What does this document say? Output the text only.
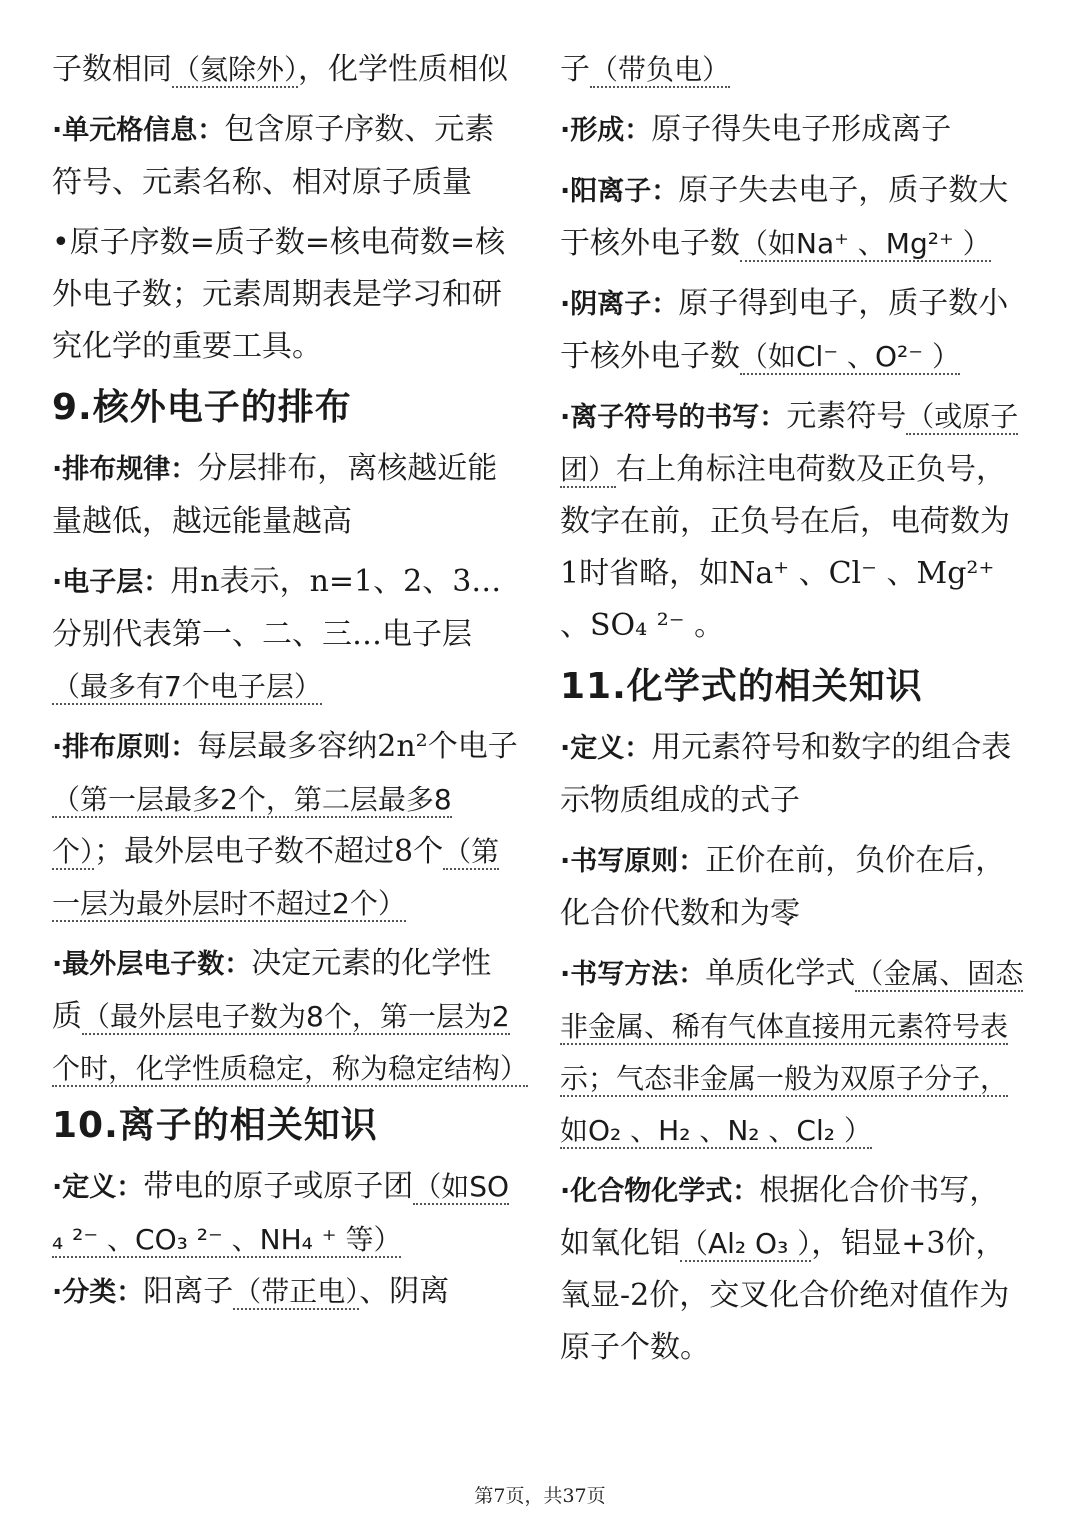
子数相同（氦除外），化学性质相似

·单元格信息：包含原子序数、元素符号、元素名称、相对原子质量

•原子序数=质子数=核电荷数=核外电子数；元素周期表是学习和研究化学的重要工具。

9.核外电子的排布

·排布规律：分层排布，离核越近能量越低，越远能量越高

·电子层：用n表示，n=1、2、3…分别代表第一、二、三…电子层（最多有7个电子层）

·排布原则：每层最多容纳2n²个电子（第一层最多2个，第二层最多8个）；最外层电子数不超过8个（第一层为最外层时不超过2个）

·最外层电子数：决定元素的化学性质（最外层电子数为8个，第一层为2个时，化学性质稳定，称为稳定结构）

10.离子的相关知识

·定义：带电的原子或原子团（如SO₄ ²⁻ 、CO₃ ²⁻ 、NH₄ ⁺ 等）

·分类：阳离子（带正电）、阴离

子（带负电）

·形成：原子得失电子形成离子

·阳离子：原子失去电子，质子数大于核外电子数（如Na⁺ 、Mg²⁺ ）

·阴离子：原子得到电子，质子数小于核外电子数（如Cl⁻ 、O²⁻ ）

·离子符号的书写：元素符号（或原子团）右上角标注电荷数及正负号，数字在前，正负号在后，电荷数为1时省略，如Na⁺ 、Cl⁻ 、Mg²⁺ 、SO₄ ²⁻ 。

11.化学式的相关知识

·定义：用元素符号和数字的组合表示物质组成的式子

·书写原则：正价在前，负价在后，化合价代数和为零

·书写方法：单质化学式（金属、固态非金属、稀有气体直接用元素符号表示；气态非金属一般为双原子分子，如O₂ 、H₂ 、N₂ 、Cl₂ ）

·化合物化学式：根据化合价书写，如氧化铝（Al₂ O₃ ），铝显+3价，氧显-2价，交叉化合价绝对值作为原子个数。

第7页，共37页
